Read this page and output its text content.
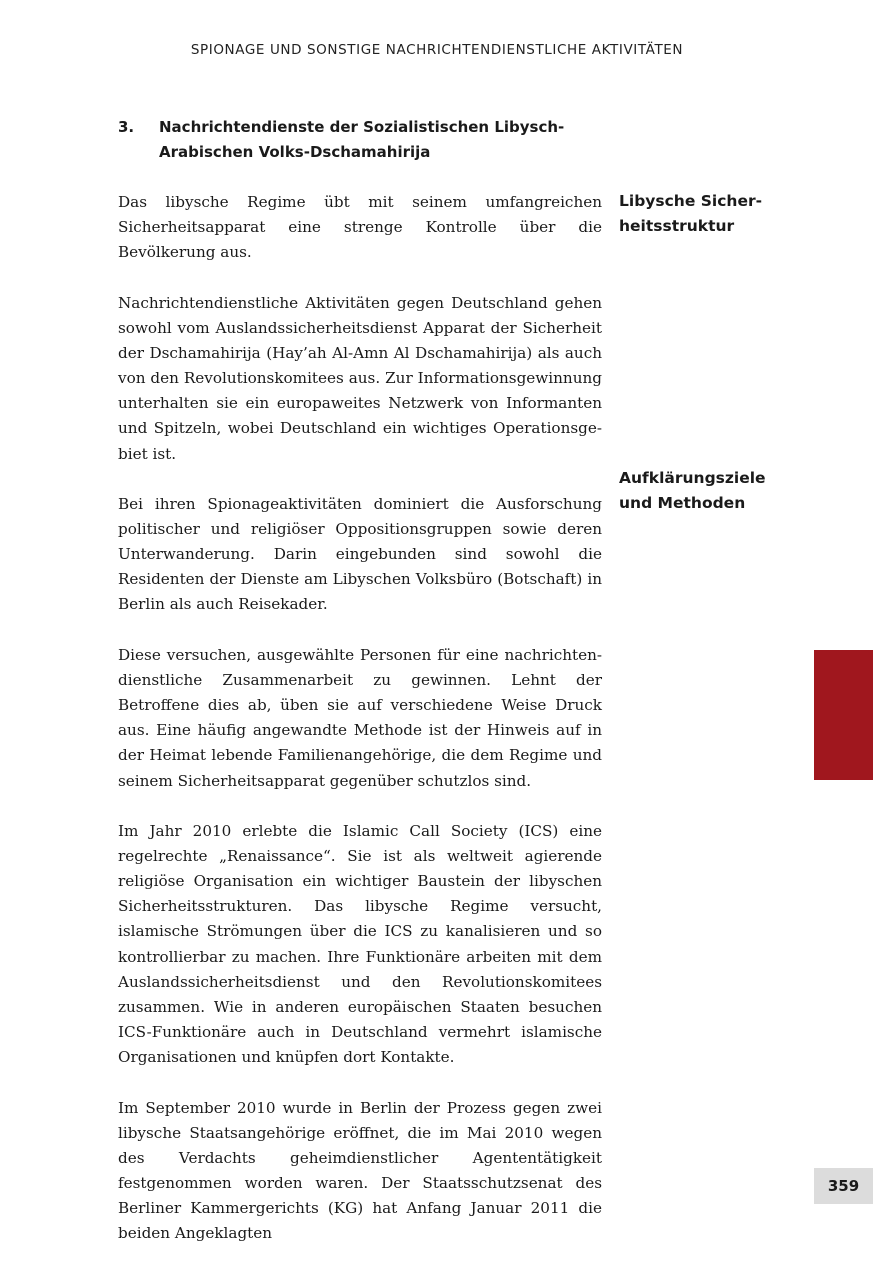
SPIONAGE UND SONSTIGE NACHRICHTENDIENSTLICHE AKTIVITÄTEN
3.	Nachrichtendienste der Sozialistischen Libysch-Arabischen Volks-Dschamahirija

Das libysche Regime übt mit seinem umfangreichen Sicherheitsapparat eine strenge Kontrolle über die Bevölkerung aus.

Nachrichtendienstliche Aktivitäten gegen Deutschland gehen sowohl vom Auslandssicherheitsdienst Apparat der Sicherheit der Dschamahirija (Hay’ah Al-Amn Al Dschamahirija) als auch von den Revolutionskomitees aus. Zur Informationsgewinnung unterhalten sie ein europaweites Netzwerk von Informanten und Spitzeln, wobei Deutschland ein wichtiges Operationsgebiet ist.

Bei ihren Spionageaktivitäten dominiert die Ausforschung politischer und religiöser Oppositionsgruppen sowie deren Unterwanderung. Darin eingebunden sind sowohl die Residenten der Dienste am Libyschen Volksbüro (Botschaft) in Berlin als auch Reisekader.

Diese versuchen, ausgewählte Personen für eine nachrichtendienstliche Zusammenarbeit zu gewinnen. Lehnt der Betroffene dies ab, üben sie auf verschiedene Weise Druck aus. Eine häufig angewandte Methode ist der Hinweis auf in der Heimat lebende Familienangehörige, die dem Regime und seinem Sicherheitsapparat gegenüber schutzlos sind.

Im Jahr 2010 erlebte die Islamic Call Society (ICS) eine regelrechte „Renaissance“. Sie ist als weltweit agierende religiöse Organisation ein wichtiger Baustein der libyschen Sicherheitsstrukturen. Das libysche Regime versucht, islamische Strömungen über die ICS zu kanalisieren und so kontrollierbar zu machen. Ihre Funktionäre arbeiten mit dem Auslandssicherheitsdienst und den Revolutionskomitees zusammen. Wie in anderen europäischen Staaten besuchen ICS-Funktionäre auch in Deutschland vermehrt islamische Organisationen und knüpfen dort Kontakte.

Im September 2010 wurde in Berlin der Prozess gegen zwei libysche Staatsangehörige eröffnet, die im Mai 2010 wegen des Verdachts geheimdienstlicher Agententätigkeit festgenommen worden waren. Der Staatsschutzsenat des Berliner Kammergerichts (KG) hat Anfang Januar 2011 die beiden Angeklagten

Libysche Sicherheitsstruktur
Aufklärungsziele und Methoden
359
